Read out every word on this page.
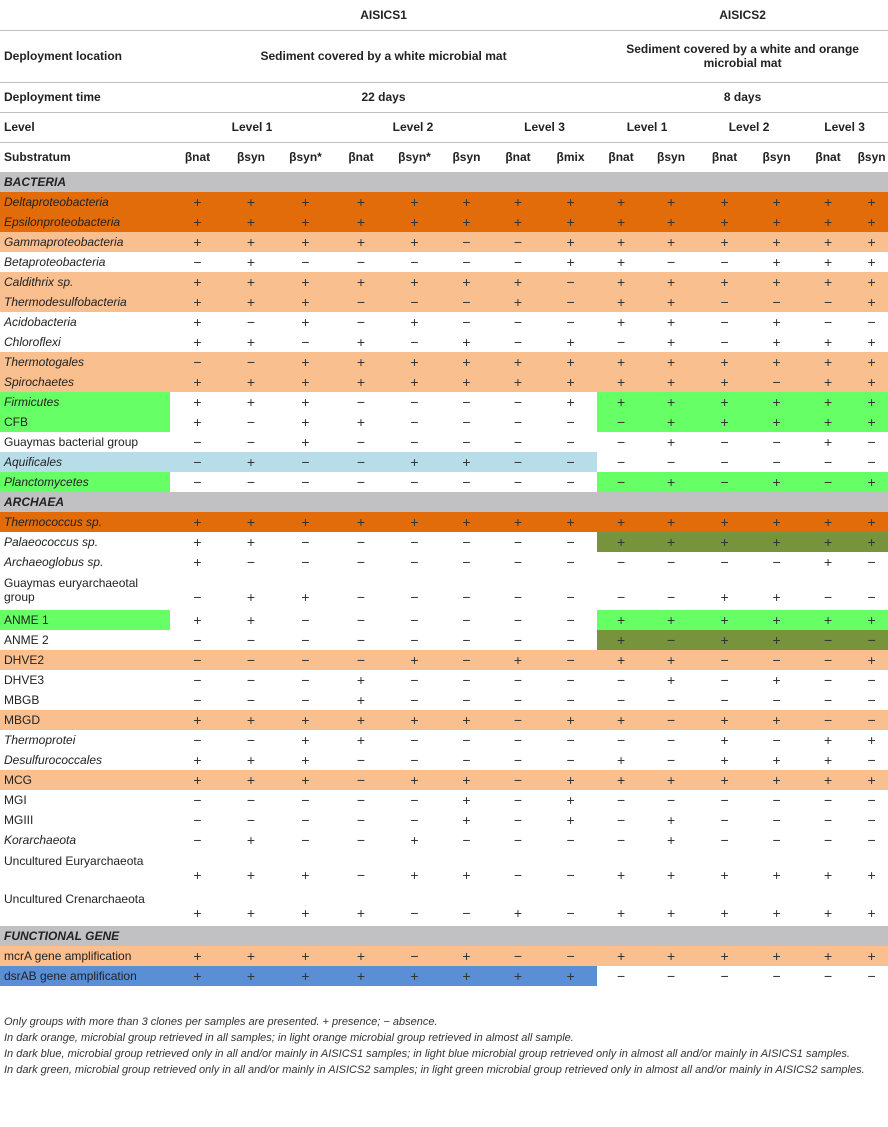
	AISICS1								AISICS2						
Deployment location	Sediment covered by a white microbial mat								Sediment covered by a white and orange microbial mat						
Deployment time	22 days								8 days						
Level	Level 1			Level 2			Level 3		Level 1		Level 2		Level 3		
Substratum	βnat	βsyn	βsyn*	βnat	βsyn*	βsyn	βnat	βmix	βnat	βsyn	βnat	βsyn	βnat	βsyn	
BACTERIA															
Deltaproteobacteria	+	+	+	+	+	+	+	+	+	+	+	+	+	+	
Epsilonproteobacteria	+	+	+	+	+	+	+	+	+	+	+	+	+	+	
Gammaproteobacteria	+	+	+	+	+	−	−	+	+	+	+	+	+	+	
Betaproteobacteria	−	+	−	−	−	−	−	+	+	−	−	+	+	+	
Caldithrix sp.	+	+	+	+	+	+	+	−	+	+	+	+	+	+	
Thermodesulfobacteria	+	+	+	−	−	−	+	−	+	+	−	−	−	+	
Acidobacteria	+	−	+	−	+	−	−	−	+	+	−	+	−	−	
Chloroflexi	+	+	−	+	−	+	−	+	−	+	−	+	+	+	
Thermotogales	−	−	+	+	+	+	+	+	+	+	+	+	+	+	
Spirochaetes	+	+	+	+	+	+	+	+	+	+	+	−	+	+	
Firmicutes	+	+	+	−	−	−	−	+	+	+	+	+	+	+	
CFB	+	−	+	+	−	−	−	−	−	+	+	+	+	+	
Guaymas bacterial group	−	−	+	−	−	−	−	−	−	+	−	−	+	−	
Aquificales	−	+	−	−	+	+	−	−	−	−	−	−	−	−	
Planctomycetes	−	−	−	−	−	−	−	−	−	+	−	+	−	+	
ARCHAEA															
Thermococcus sp.	+	+	+	+	+	+	+	+	+	+	+	+	+	+	
Palaeococcus sp.	+	+	−	−	−	−	−	−	+	+	+	+	+	+	
Archaeoglobus sp.	+	−	−	−	−	−	−	−	−	−	−	−	+	−	
Guaymas euryarchaeotal group	−	+	+	−	−	−	−	−	−	−	+	+	−	−	
ANME 1	+	+	−	−	−	−	−	−	+	+	+	+	+	+	
ANME 2	−	−	−	−	−	−	−	−	+	−	+	+	−	−	
DHVE2	−	−	−	−	+	−	+	−	+	+	−	−	−	+	
DHVE3	−	−	−	+	−	−	−	−	−	+	−	+	−	−	
MBGB	−	−	−	+	−	−	−	−	−	−	−	−	−	−	
MBGD	+	+	+	+	+	+	−	+	+	−	+	+	−	−	
Thermoprotei	−	−	+	+	−	−	−	−	−	−	+	−	+	+	
Desulfurococcales	+	+	+	−	−	−	−	−	+	−	+	+	+	−	
MCG	+	+	+	−	+	+	−	+	+	+	+	+	+	+	
MGI	−	−	−	−	−	+	−	+	−	−	−	−	−	−	
MGIII	−	−	−	−	−	+	−	+	−	+	−	−	−	−	
Korarchaeota	−	+	−	−	+	−	−	−	−	+	−	−	−	−	
Uncultured Euryarchaeota	+	+	+	−	+	+	−	−	+	+	+	+	+	+	
Uncultured Crenarchaeota	+	+	+	+	−	−	+	−	+	+	+	+	+	+	
FUNCTIONAL GENE															
mcrA gene amplification	+	+	+	+	−	+	−	−	+	+	+	+	+	+	
dsrAB gene amplification	+	+	+	+	+	+	+	+	−	−	−	−	−	−	

Only groups with more than 3 clones per samples are presented. + presence; − absence.

In dark orange, microbial group retrieved in all samples; in light orange microbial group retrieved in almost all sample.

In dark blue, microbial group retrieved only in all and/or mainly in AISICS1 samples; in light blue microbial group retrieved only in almost all and/or mainly in AISICS1 samples.

In dark green, microbial group retrieved only in all and/or mainly in AISICS2 samples; in light green microbial group retrieved only in almost all and/or mainly in AISICS2 samples.
